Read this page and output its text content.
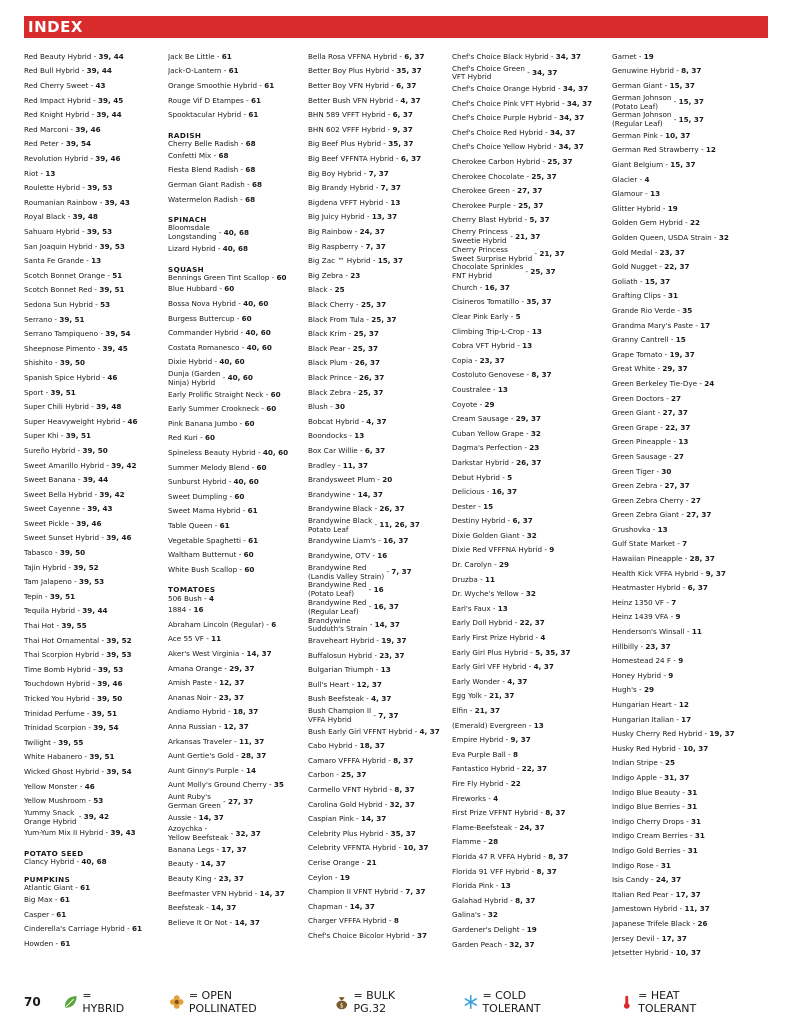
INDEX
Red Beauty Hybrid - 39, 44
Red Bull Hybrid - 39, 44
Red Cherry Sweet - 43
Red Impact Hybrid - 39, 45
Red Knight Hybrid - 39, 44
Red Marconi - 39, 46
Red Peter - 39, 54
Revolution Hybrid - 39, 46
Riot - 13
Roulette Hybrid - 39, 53
Roumanian Rainbow - 39, 43
Royal Black - 39, 48
Sahuaro Hybrid - 39, 53
San Joaquin Hybrid - 39, 53
Santa Fe Grande - 13
Scotch Bonnet Orange - 51
Scotch Bonnet Red - 39, 51
Sedona Sun Hybrid - 53
Serrano - 39, 51
Serrano Tampiqueno - 39, 54
Sheepnose Pimento - 39, 45
Shishito - 39, 50
Spanish Spice Hybrid - 46
Sport - 39, 51
Super Chili Hybrid - 39, 48
Super Heavyweight Hybrid - 46
Super Khi - 39, 51
Sureño Hybrid - 39, 50
Sweet Amarillo Hybrid - 39, 42
Sweet Banana - 39, 44
Sweet Bella Hybrid - 39, 42
Sweet Cayenne - 39, 43
Sweet Pickle - 39, 46
Sweet Sunset Hybrid - 39, 46
Tabasco - 39, 50
Tajin Hybrid - 39, 52
Tam Jalapeno - 39, 53
Tepin - 39, 51
Tequila Hybrid - 39, 44
Thai Hot - 39, 55
Thai Hot Ornamental - 39, 52
Thai Scorpion Hybrid - 39, 53
Time Bomb Hybrid - 39, 53
Touchdown Hybrid - 39, 46
Tricked You Hybrid - 39, 50
Trinidad Perfume - 39, 51
Trinidad Scorpion - 39, 54
Twilight - 39, 55
White Habanero - 39, 51
Wicked Ghost Hybrid - 39, 54
Yellow Monster - 46
Yellow Mushroom - 53
Yummy Snack
Orange Hybrid - 39, 42
Yum-Yum Mix II Hybrid - 39, 43
POTATO SEED
Clancy Hybrid - 40, 68
PUMPKINS
Atlantic Giant - 61
Big Max - 61
Casper - 61
Cinderella's Carriage Hybrid - 61
Howden - 61
Jack Be Little - 61
Jack-O-Lantern - 61
Orange Smoothie Hybrid - 61
Rouge Vif D Etampes - 61
Spooktacular Hybrid - 61
RADISH
Cherry Belle Radish - 68
Confetti Mix - 68
Fiesta Blend Radish - 68
German Giant Radish - 68
Watermelon Radish - 68
SPINACH
Bloomsdale
Longstanding - 40, 68
Lizard Hybrid - 40, 68
SQUASH
Bennings Green Tint Scallop - 60
Blue Hubbard - 60
Bossa Nova Hybrid - 40, 60
Burgess Buttercup - 60
Commander Hybrid - 40, 60
Costata Romanesco - 40, 60
Dixie Hybrid - 40, 60
Dunja (Garden
Ninja) Hybrid - 40, 60
Early Prolific Straight Neck - 60
Early Summer Crookneck - 60
Pink Banana Jumbo - 60
Red Kuri - 60
Spineless Beauty Hybrid - 40, 60
Summer Melody Blend - 60
Sunburst Hybrid - 40, 60
Sweet Dumpling - 60
Sweet Mama Hybrid - 61
Table Queen - 61
Vegetable Spaghetti - 61
Waltham Butternut - 60
White Bush Scallop - 60
TOMATOES
506 Bush - 4
1884 - 16
Abraham Lincoln (Regular) - 6
Ace 55 VF - 11
Aker's West Virginia - 14, 37
Amana Orange - 29, 37
Amish Paste - 12, 37
Ananas Noir - 23, 37
Andiamo Hybrid - 18, 37
Anna Russian - 12, 37
Arkansas Traveler - 11, 37
Aunt Gertie's Gold - 28, 37
Aunt Ginny's Purple - 14
Aunt Molly's Ground Cherry - 35
Aunt Ruby's
German Green - 27, 37
Aussie - 14, 37
Azoychka -
Yellow Beefsteak - 32, 37
Banana Legs - 17, 37
Beauty - 14, 37
Beauty King - 23, 37
Beefmaster VFN Hybrid - 14, 37
Beefsteak - 14, 37
Believe It Or Not - 14, 37
Bella Rosa VFFNA Hybrid - 6, 37
Better Boy Plus Hybrid - 35, 37
Better Boy VFN Hybrid - 6, 37
Better Bush VFN Hybrid - 4, 37
BHN 589 VFFT Hybrid - 6, 37
BHN 602 VFFF Hybrid - 9, 37
Big Beef Plus Hybrid - 35, 37
Big Beef VFFNTA Hybrid - 6, 37
Big Boy Hybrid - 7, 37
Big Brandy Hybrid - 7, 37
Bigdena VFFT Hybrid - 13
Big Juicy Hybrid - 13, 37
Big Rainbow - 24, 37
Big Raspberry - 7, 37
Big Zac ™ Hybrid - 15, 37
Big Zebra - 23
Black - 25
Black Cherry - 25, 37
Black From Tula - 25, 37
Black Krim - 25, 37
Black Pear - 25, 37
Black Plum - 26, 37
Black Prince - 26, 37
Black Zebra - 25, 37
Blush - 30
Bobcat Hybrid - 4, 37
Boondocks - 13
Box Car Willie - 6, 37
Bradley - 11, 37
Brandysweet Plum - 20
Brandywine - 14, 37
Brandywine Black - 26, 37
Brandywine Black
Potato Leaf	- 11, 26, 37
Brandywine Liam's - 16, 37
Brandywine, OTV - 16
Brandywine Red
(Landis Valley Strain) - 7, 37
Brandywine Red
(Potato Leaf)	- 16
Brandywine Red
(Regular Leaf)	- 16, 37
Brandywine
Sudduth's Strain - 14, 37
Braveheart Hybrid - 19, 37
Buffalosun Hybrid - 23, 37
Bulgarian Triumph - 13
Bull's Heart - 12, 37
Bush Beefsteak - 4, 37
Bush Champion II
VFFA Hybrid	- 7, 37
Bush Early Girl VFFNT Hybrid - 4, 37
Cabo Hybrid - 18, 37
Camaro VFFFA Hybrid - 8, 37
Carbon - 25, 37
Carmello VFNT Hybrid - 8, 37
Carolina Gold Hybrid - 32, 37
Caspian Pink - 14, 37
Celebrity Plus Hybrid - 35, 37
Celebrity VFFNTA Hybrid - 10, 37
Cerise Orange - 21
Ceylon - 19
Champion II VFNT Hybrid - 7, 37
Chapman - 14, 37
Charger VFFFA Hybrid - 8
Chef's Choice Bicolor Hybrid - 37
Chef's Choice Black Hybrid - 34, 37
Chef's Choice Green
VFT Hybrid	- 34, 37
Chef's Choice Orange Hybrid - 34, 37
Chef's Choice Pink VFT Hybrid - 34, 37
Chef's Choice Purple Hybrid - 34, 37
Chef's Choice Red Hybrid - 34, 37
Chef's Choice Yellow Hybrid - 34, 37
Cherokee Carbon Hybrid - 25, 37
Cherokee Chocolate - 25, 37
Cherokee Green - 27, 37
Cherokee Purple - 25, 37
Cherry Blast Hybrid - 5, 37
Cherry Princess
Sweetie Hybrid - 21, 37
Cherry Princess
Sweet Surprise Hybrid - 21, 37
Chocolate Sprinkles
FNT Hybrid	- 25, 37
Church - 16, 37
Cisineros Tomatillo - 35, 37
Clear Pink Early - 5
Climbing Trip-L-Crop - 13
Cobra VFT Hybrid - 13
Copia - 23, 37
Costoluto Genovese - 8, 37
Coustralee - 13
Coyote - 29
Cream Sausage - 29, 37
Cuban Yellow Grape - 32
Dagma's Perfection - 23
Darkstar Hybrid - 26, 37
Debut Hybrid - 5
Delicious - 16, 37
Dester - 15
Destiny Hybrid - 6, 37
Dixie Golden Giant - 32
Dixie Red VFFFNA Hybrid - 9
Dr. Carolyn - 29
Druzba - 11
Dr. Wyche's Yellow - 32
Earl's Faux - 13
Early Doll Hybrid - 22, 37
Early First Prize Hybrid - 4
Early Girl Plus Hybrid - 5, 35, 37
Early Girl VFF Hybrid - 4, 37
Early Wonder - 4, 37
Egg Yolk - 21, 37
Elfin - 21, 37
(Emerald) Evergreen - 13
Empire Hybrid - 9, 37
Eva Purple Ball - 8
Fantastico Hybrid - 22, 37
Fire Fly Hybrid - 22
Fireworks - 4
First Prize VFFNT Hybrid - 8, 37
Flame-Beefsteak - 24, 37
Flamme - 28
Florida 47 R VFFA Hybrid - 8, 37
Florida 91 VFF Hybrid - 8, 37
Florida Pink - 13
Galahad Hybrid - 8, 37
Galina's - 32
Gardener's Delight - 19
Garden Peach - 32, 37
Garnet - 19
Genuwine Hybrid - 8, 37
German Giant - 15, 37
German Johnson
(Potato Leaf)	- 15, 37
German Johnson
(Regular Leaf)	- 15, 37
German Pink - 10, 37
German Red Strawberry - 12
Giant Belgium - 15, 37
Glacier - 4
Glamour - 13
Glitter Hybrid - 19
Golden Gem Hybrid - 22
Golden Queen, USDA Strain - 32
Gold Medal - 23, 37
Gold Nugget - 22, 37
Goliath - 15, 37
Grafting Clips - 31
Grande Rio Verde - 35
Grandma Mary's Paste - 17
Granny Cantrell - 15
Grape Tomato - 19, 37
Great White - 29, 37
Green Berkeley Tie-Dye - 24
Green Doctors - 27
Green Giant - 27, 37
Green Grape - 22, 37
Green Pineapple - 13
Green Sausage - 27
Green Tiger - 30
Green Zebra - 27, 37
Green Zebra Cherry - 27
Green Zebra Giant - 27, 37
Grushovka - 13
Gulf State Market - 7
Hawaiian Pineapple - 28, 37
Health Kick VFFA Hybrid - 9, 37
Heatmaster Hybrid - 6, 37
Heinz 1350 VF - 7
Heinz 1439 VFA - 9
Henderson's Winsall - 11
Hillbilly - 23, 37
Homestead 24 F - 9
Honey Hybrid - 9
Hugh's - 29
Hungarian Heart - 12
Hungarian Italian - 17
Husky Cherry Red Hybrid - 19, 37
Husky Red Hybrid - 10, 37
Indian Stripe - 25
Indigo Apple - 31, 37
Indigo Blue Beauty - 31
Indigo Blue Berries - 31
Indigo Cherry Drops - 31
Indigo Cream Berries - 31
Indigo Gold Berries - 31
Indigo Rose - 31
Isis Candy - 24, 37
Italian Red Pear - 17, 37
Jamestown Hybrid - 11, 37
Japanese Trifele Black - 26
Jersey Devil - 17, 37
Jetsetter Hybrid - 10, 37
70	= HYBRID
= OPEN POLLINATED	$
= BULK PG.32
= COLD TOLERANT
= HEAT TOLERANT
